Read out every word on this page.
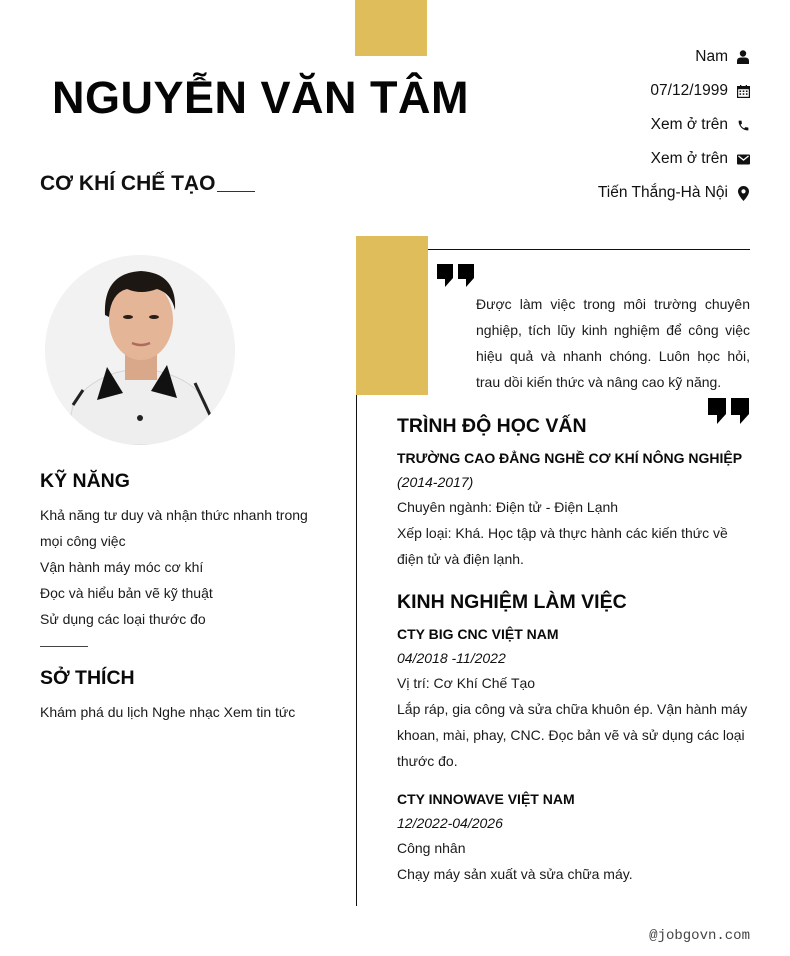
NGUYỄN VĂN TÂM
CƠ KHÍ CHẾ TẠO
Nam
07/12/1999
Xem ở trên
Xem ở trên
Tiến Thắng-Hà Nội

Được làm việc trong môi trường chuyên nghiệp, tích lũy kinh nghiệm để công việc hiệu quả và nhanh chóng. Luôn học hỏi, trau dồi kiến thức và nâng cao kỹ năng.

KỸ NĂNG
Khả năng tư duy và nhận thức nhanh trong mọi công việc
Vận hành máy móc cơ khí
Đọc và hiểu bản vẽ kỹ thuật
Sử dụng các loại thước đo
SỞ THÍCH

Khám phá du lịch Nghe nhạc Xem tin tức

TRÌNH ĐỘ HỌC VẤN
TRƯỜNG CAO ĐẲNG NGHỀ CƠ KHÍ NÔNG NGHIỆP
(2014-2017)
Chuyên ngành: Điện tử - Điện Lạnh
Xếp loại: Khá. Học tập và thực hành các kiến thức về điện tử và điện lạnh.
KINH NGHIỆM LÀM VIỆC
CTY BIG CNC VIỆT NAM
04/2018 -11/2022
Vị trí: Cơ Khí Chế Tạo
Lắp ráp, gia công và sửa chữa khuôn ép. Vận hành máy khoan, mài, phay, CNC. Đọc bản vẽ và sử dụng các loại thước đo.
CTY INNOWAVE VIỆT NAM
12/2022-04/2026
Công nhân
Chạy máy sản xuất và sửa chữa máy.
@jobgovn.com
